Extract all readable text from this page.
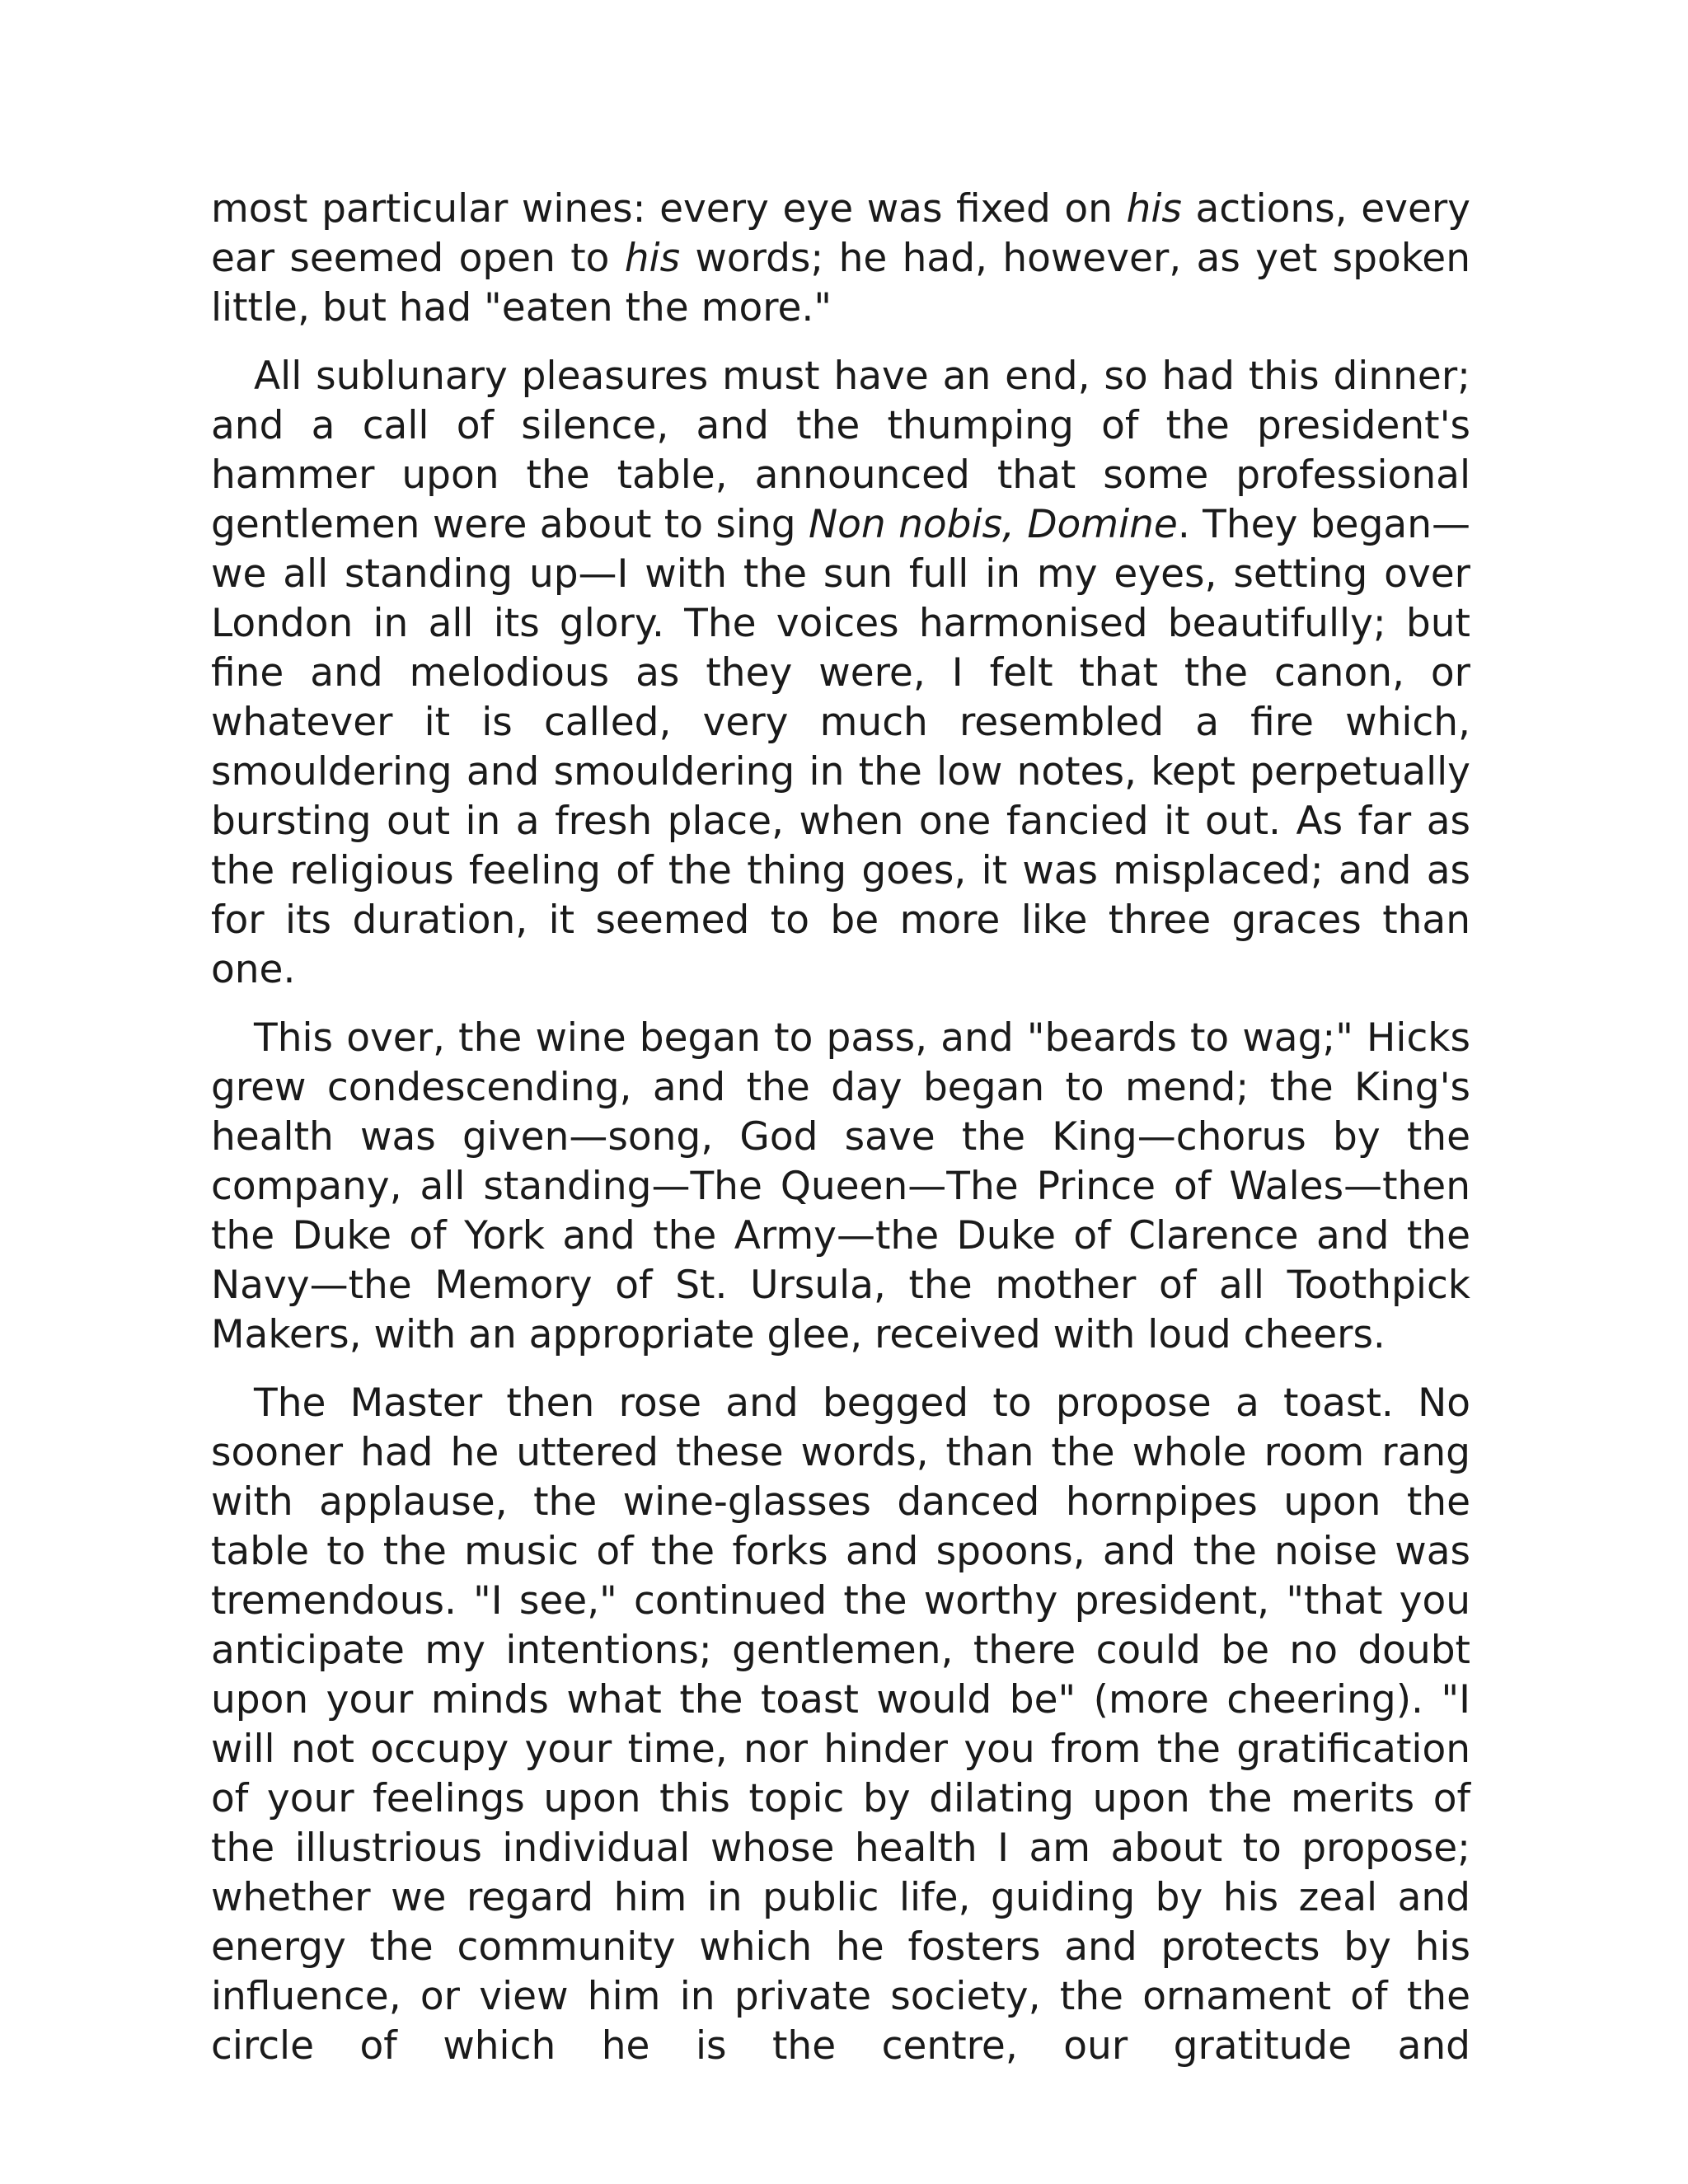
most particular wines: every eye was fixed on his actions, every ear seemed open to his words; he had, however, as yet spoken little, but had "eaten the more."

All sublunary pleasures must have an end, so had this dinner; and a call of silence, and the thumping of the president's hammer upon the table, announced that some professional gentlemen were about to sing Non nobis, Domine. They began—we all standing up—I with the sun full in my eyes, setting over London in all its glory. The voices harmonised beautifully; but fine and melodious as they were, I felt that the canon, or whatever it is called, very much resembled a fire which, smouldering and smouldering in the low notes, kept perpetually bursting out in a fresh place, when one fancied it out. As far as the religious feeling of the thing goes, it was misplaced; and as for its duration, it seemed to be more like three graces than one.

This over, the wine began to pass, and "beards to wag;" Hicks grew condescending, and the day began to mend; the King's health was given—song, God save the King—chorus by the company, all standing—The Queen—The Prince of Wales—then the Duke of York and the Army—the Duke of Clarence and the Navy—the Memory of St. Ursula, the mother of all Toothpick Makers, with an appropriate glee, received with loud cheers.

The Master then rose and begged to propose a toast. No sooner had he uttered these words, than the whole room rang with applause, the wine-glasses danced hornpipes upon the table to the music of the forks and spoons, and the noise was tremendous. "I see," continued the worthy president, "that you anticipate my intentions; gentlemen, there could be no doubt upon your minds what the toast would be" (more cheering). "I will not occupy your time, nor hinder you from the gratification of your feelings upon this topic by dilating upon the merits of the illustrious individual whose health I am about to propose; whether we regard him in public life, guiding by his zeal and energy the community which he fosters and protects by his influence, or view him in private society, the ornament of the circle of which he is the centre, our gratitude and
